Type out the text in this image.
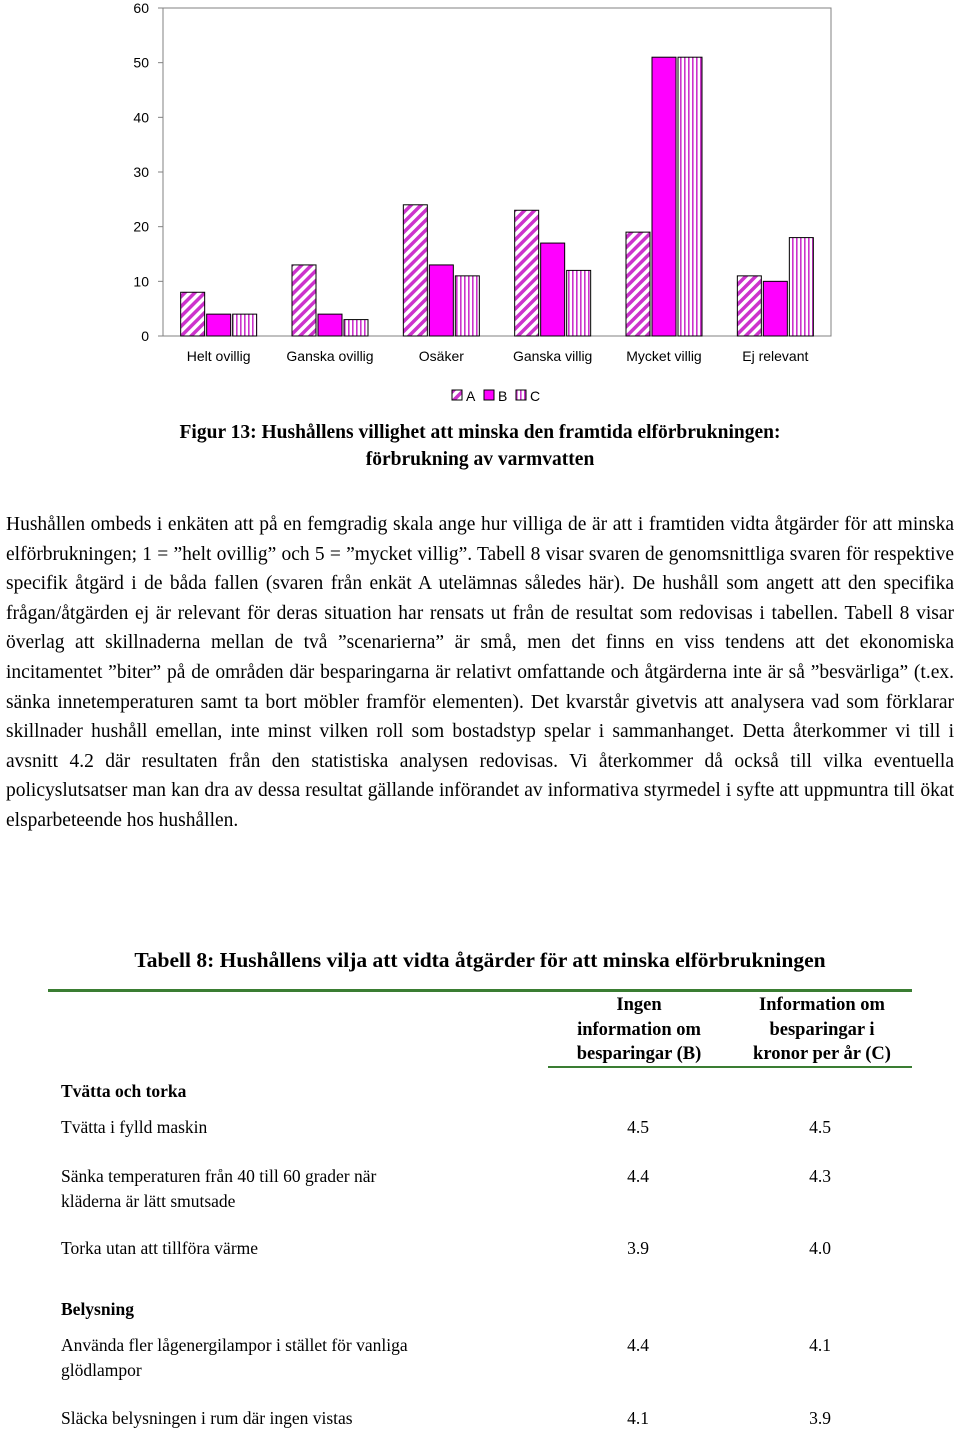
0
10
20
30
40
50
60
Helt ovillig	Ganska ovillig	Osäker	Ganska villig Mycket villig	Ej relevant
A B C
Figur 13: Hushållens villighet att minska den framtida elförbrukningen:
förbrukning av varmvatten

Hushållen ombeds i enkäten att på en femgradig skala ange hur villiga de är att i framtiden vidta åtgärder för att minska elförbrukningen; 1 = ”helt ovillig” och 5 = ”mycket villig”. Tabell 8 visar svaren de genomsnittliga svaren för respektive specifik åtgärd i de båda fallen (svaren från enkät A utelämnas således här). De hushåll som angett att den specifika frågan/åtgärden ej är relevant för deras situation har rensats ut från de resultat som redovisas i tabellen. Tabell 8 visar överlag att skillnaderna mellan de två ”scenarierna” är små, men det finns en viss tendens att det ekonomiska incitamentet ”biter” på de områden där besparingarna är relativt omfattande och åtgärderna inte är så ”besvärliga” (t.ex. sänka innetemperaturen samt ta bort möbler framför elementen). Det kvarstår givetvis att analysera vad som förklarar skillnader hushåll emellan, inte minst vilken roll som bostadstyp spelar i sammanhanget. Detta återkommer vi till i avsnitt 4.2 där resultaten från den statistiska analysen redovisas. Vi återkommer då också till vilka eventuella policyslutsatser man kan dra av dessa resultat gällande införandet av informativa styrmedel i syfte att uppmuntra till ökat elsparbeteende hos hushållen.

Tabell 8: Hushållens vilja att vidta åtgärder för att minska elförbrukningen
Ingen
information om
besparingar (B)
Information om
besparingar i
kronor per år (C)
Tvätta och torka
Tvätta i fylld maskin	4.5	4.5
Sänka temperaturen från 40 till 60 grader när
kläderna är lätt smutsade
4.4	4.3
Torka utan att tillföra värme	3.9	4.0
Belysning
Använda fler lågenergilampor i stället för vanliga
glödlampor
4.4	4.1
Släcka belysningen i rum där ingen vistas	4.1	3.9
